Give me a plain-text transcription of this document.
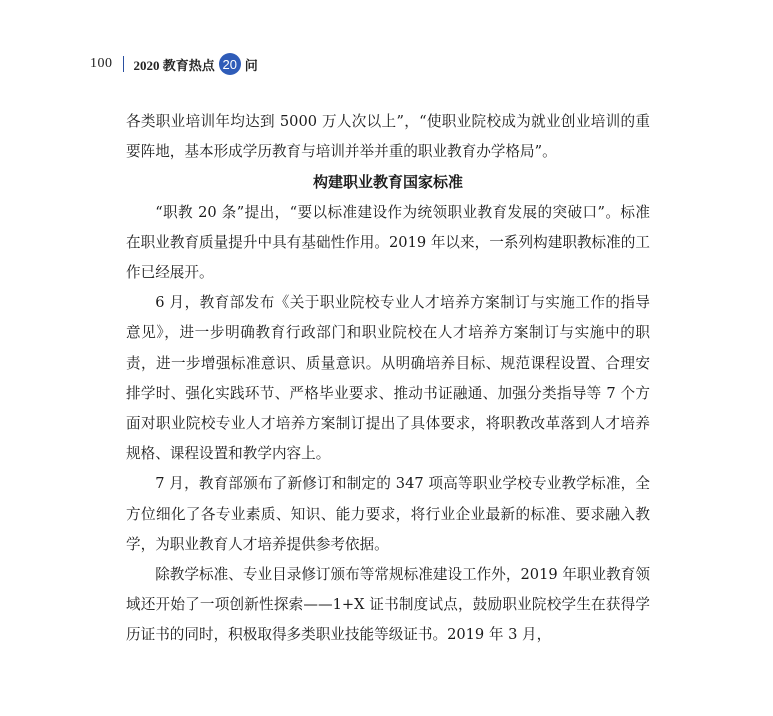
100 2020 教育热点 20 问

各类职业培训年均达到 5000 万人次以上”，“使职业院校成为就业创业培训的重要阵地，基本形成学历教育与培训并举并重的职业教育办学格局”。

构建职业教育国家标准

“职教 20 条”提出，“要以标准建设作为统领职业教育发展的突破口”。标准在职业教育质量提升中具有基础性作用。2019 年以来，一系列构建职教标准的工作已经展开。

6 月，教育部发布《关于职业院校专业人才培养方案制订与实施工作的指导意见》，进一步明确教育行政部门和职业院校在人才培养方案制订与实施中的职责，进一步增强标准意识、质量意识。从明确培养目标、规范课程设置、合理安排学时、强化实践环节、严格毕业要求、推动书证融通、加强分类指导等 7 个方面对职业院校专业人才培养方案制订提出了具体要求，将职教改革落到人才培养规格、课程设置和教学内容上。

7 月，教育部颁布了新修订和制定的 347 项高等职业学校专业教学标准，全方位细化了各专业素质、知识、能力要求，将行业企业最新的标准、要求融入教学，为职业教育人才培养提供参考依据。

除教学标准、专业目录修订颁布等常规标准建设工作外，2019 年职业教育领域还开始了一项创新性探索——1+X 证书制度试点，鼓励职业院校学生在获得学历证书的同时，积极取得多类职业技能等级证书。2019 年 3 月，
